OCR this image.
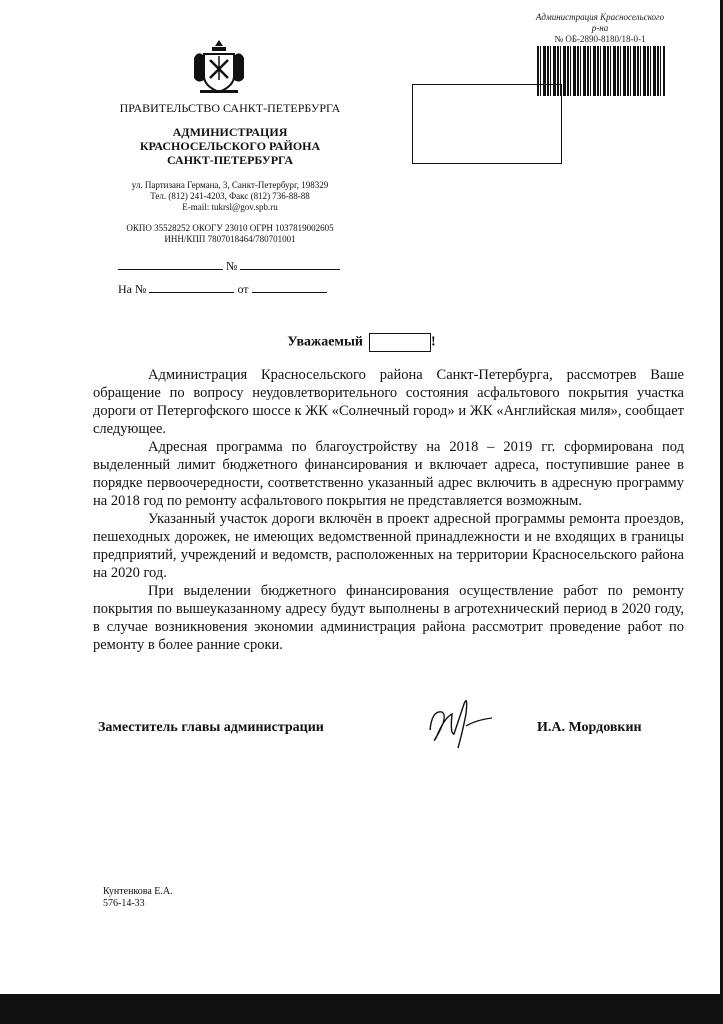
Администрация Красносельского р-на
№ ОБ-2890-8180/18-0-1
ПРАВИТЕЛЬСТВО САНКТ-ПЕТЕРБУРГА
АДМИНИСТРАЦИЯ
КРАСНОСЕЛЬСКОГО РАЙОНА
САНКТ-ПЕТЕРБУРГА
ул. Партизана Германа, 3, Санкт-Петербург, 198329
Тел. (812) 241-4203, Факс (812) 736-88-88
E-mail: tukrsl@gov.spb.ru
ОКПО 35528252 ОКОГУ 23010 ОГРН 1037819002605
ИНН/КПП 7807018464/780701001
№
На №	от
Уважаемый	!

Администрация Красносельского района Санкт-Петербурга, рассмотрев Ваше обращение по вопросу неудовлетворительного состояния асфальтового покрытия участка дороги от Петергофского шоссе к ЖК «Солнечный город» и ЖК «Английская миля», сообщает следующее.

Адресная программа по благоустройству на 2018 – 2019 гг. сформирована под выделенный лимит бюджетного финансирования и включает адреса, поступившие ранее в порядке первоочередности, соответственно указанный адрес включить в адресную программу на 2018 год по ремонту асфальтового покрытия не представляется возможным.

Указанный участок дороги включён в проект адресной программы ремонта проездов, пешеходных дорожек, не имеющих ведомственной принадлежности и не входящих в границы предприятий, учреждений и ведомств, расположенных на территории Красносельского района на 2020 год.

При выделении бюджетного финансирования осуществление работ по ремонту покрытия по вышеуказанному адресу будут выполнены в агротехнический период в 2020 году, в случае возникновения экономии администрация района рассмотрит проведение работ по ремонту в более ранние сроки.

Заместитель главы администрации	И.А. Мордовкин
Кунтенкова Е.А.
576-14-33
